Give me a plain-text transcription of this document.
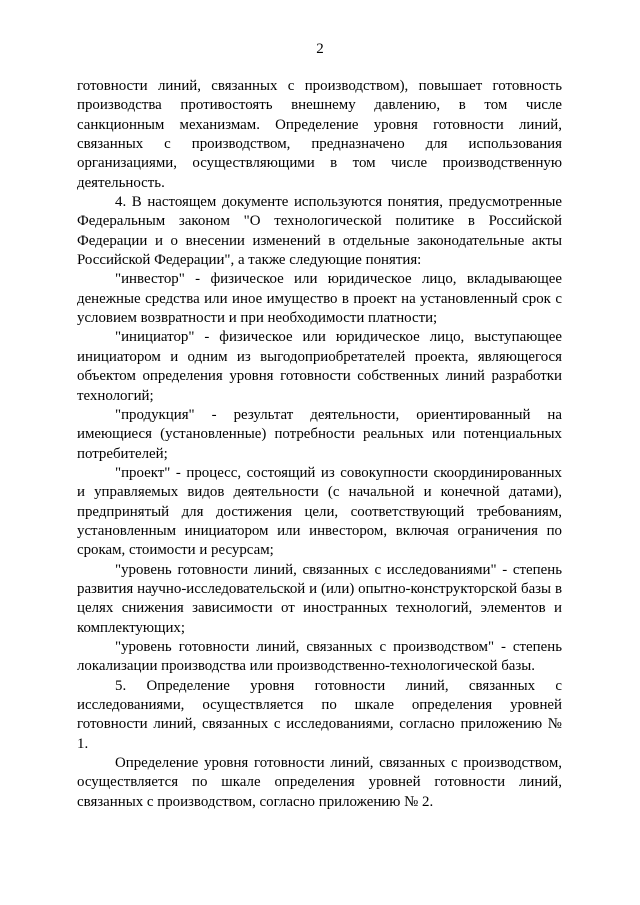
2

готовности линий, связанных с производством), повышает готовность производства противостоять внешнему давлению, в том числе санкционным механизмам. Определение уровня готовности линий, связанных с производством, предназначено для использования организациями, осуществляющими в том числе производственную деятельность.

4. В настоящем документе используются понятия, предусмотренные Федеральным законом "О технологической политике в Российской Федерации и о внесении изменений в отдельные законодательные акты Российской Федерации", а также следующие понятия:

"инвестор" - физическое или юридическое лицо, вкладывающее денежные средства или иное имущество в проект на установленный срок с условием возвратности и при необходимости платности;

"инициатор" - физическое или юридическое лицо, выступающее инициатором и одним из выгодоприобретателей проекта, являющегося объектом определения уровня готовности собственных линий разработки технологий;

"продукция" - результат деятельности, ориентированный на имеющиеся (установленные) потребности реальных или потенциальных потребителей;

"проект" - процесс, состоящий из совокупности скоординированных и управляемых видов деятельности (с начальной и конечной датами), предпринятый для достижения цели, соответствующий требованиям, установленным инициатором или инвестором, включая ограничения по срокам, стоимости и ресурсам;

"уровень готовности линий, связанных с исследованиями" - степень развития научно-исследовательской и (или) опытно-конструкторской базы в целях снижения зависимости от иностранных технологий, элементов и комплектующих;

"уровень готовности линий, связанных с производством" - степень локализации производства или производственно-технологической базы.

5. Определение уровня готовности линий, связанных с исследованиями, осуществляется по шкале определения уровней готовности линий, связанных с исследованиями, согласно приложению № 1.

Определение уровня готовности линий, связанных с производством, осуществляется по шкале определения уровней готовности линий, связанных с производством, согласно приложению № 2.
